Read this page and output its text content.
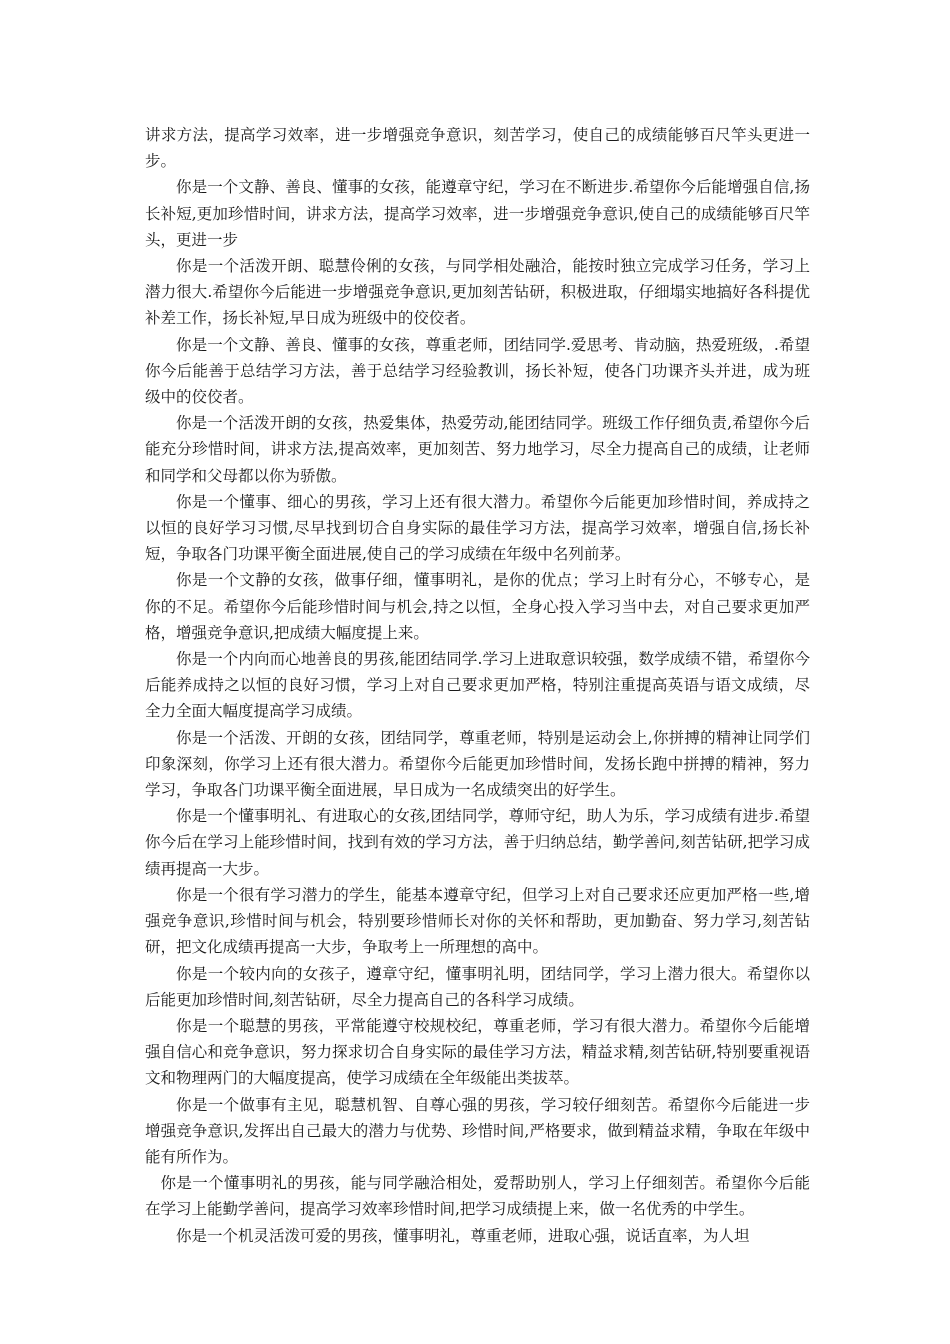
讲求方法，提高学习效率，进一步增强竞争意识，刻苦学习，使自己的成绩能够百尺竿头更进一步。

你是一个文静、善良、懂事的女孩，能遵章守纪，学习在不断进步.希望你今后能增强自信,扬长补短,更加珍惜时间，讲求方法，提高学习效率，进一步增强竞争意识,使自己的成绩能够百尺竿头，更进一步

你是一个活泼开朗、聪慧伶俐的女孩，与同学相处融洽，能按时独立完成学习任务，学习上潜力很大.希望你今后能进一步增强竞争意识,更加刻苦钻研，积极进取，仔细塌实地搞好各科提优补差工作，扬长补短,早日成为班级中的佼佼者。

你是一个文静、善良、懂事的女孩，尊重老师，团结同学.爱思考、肯动脑，热爱班级，.希望你今后能善于总结学习方法，善于总结学习经验教训，扬长补短，使各门功课齐头并进，成为班级中的佼佼者。

你是一个活泼开朗的女孩，热爱集体，热爱劳动,能团结同学。班级工作仔细负责,希望你今后能充分珍惜时间，讲求方法,提高效率，更加刻苦、努力地学习，尽全力提高自己的成绩，让老师和同学和父母都以你为骄傲。

你是一个懂事、细心的男孩，学习上还有很大潜力。希望你今后能更加珍惜时间，养成持之以恒的良好学习习惯,尽早找到切合自身实际的最佳学习方法，提高学习效率，增强自信,扬长补短，争取各门功课平衡全面进展,使自己的学习成绩在年级中名列前茅。

你是一个文静的女孩，做事仔细，懂事明礼，是你的优点；学习上时有分心，不够专心，是你的不足。希望你今后能珍惜时间与机会,持之以恒，全身心投入学习当中去，对自己要求更加严格，增强竞争意识,把成绩大幅度提上来。

你是一个内向而心地善良的男孩,能团结同学.学习上进取意识较强，数学成绩不错，希望你今后能养成持之以恒的良好习惯，学习上对自己要求更加严格，特别注重提高英语与语文成绩，尽全力全面大幅度提高学习成绩。

你是一个活泼、开朗的女孩，团结同学，尊重老师，特别是运动会上,你拼搏的精神让同学们印象深刻，你学习上还有很大潜力。希望你今后能更加珍惜时间，发扬长跑中拼搏的精神，努力学习，争取各门功课平衡全面进展，早日成为一名成绩突出的好学生。

你是一个懂事明礼、有进取心的女孩,团结同学，尊师守纪，助人为乐，学习成绩有进步.希望你今后在学习上能珍惜时间，找到有效的学习方法，善于归纳总结，勤学善问,刻苦钻研,把学习成绩再提高一大步。

你是一个很有学习潜力的学生，能基本遵章守纪，但学习上对自己要求还应更加严格一些,增强竞争意识,珍惜时间与机会，特别要珍惜师长对你的关怀和帮助，更加勤奋、努力学习,刻苦钻研，把文化成绩再提高一大步，争取考上一所理想的高中。

你是一个较内向的女孩子，遵章守纪，懂事明礼明，团结同学，学习上潜力很大。希望你以后能更加珍惜时间,刻苦钻研，尽全力提高自己的各科学习成绩。

你是一个聪慧的男孩，平常能遵守校规校纪，尊重老师，学习有很大潜力。希望你今后能增强自信心和竞争意识，努力探求切合自身实际的最佳学习方法，精益求精,刻苦钻研,特别要重视语文和物理两门的大幅度提高，使学习成绩在全年级能出类拔萃。

你是一个做事有主见，聪慧机智、自尊心强的男孩，学习较仔细刻苦。希望你今后能进一步增强竞争意识,发挥出自己最大的潜力与优势、珍惜时间,严格要求，做到精益求精，争取在年级中能有所作为。

你是一个懂事明礼的男孩，能与同学融洽相处，爱帮助别人，学习上仔细刻苦。希望你今后能在学习上能勤学善问，提高学习效率珍惜时间,把学习成绩提上来，做一名优秀的中学生。

你是一个机灵活泼可爱的男孩，懂事明礼，尊重老师，进取心强，说话直率，为人坦
